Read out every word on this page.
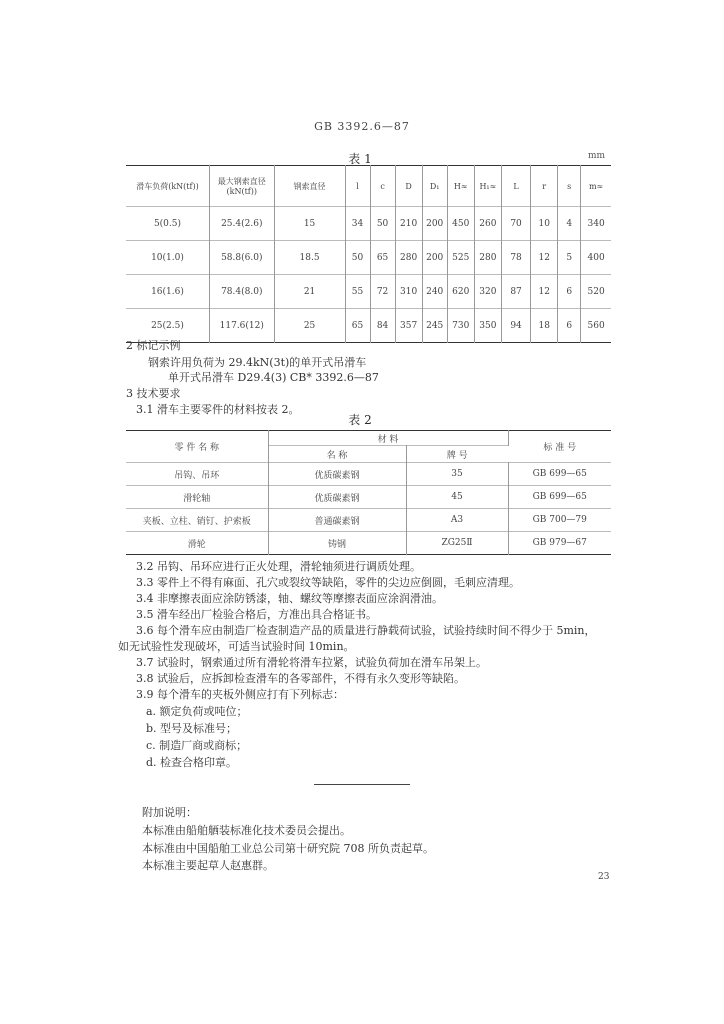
GB 3392.6—87
表 1	mm
滑车负荷(kN(tf))	最大钢索直径(kN(tf))	钢索直径	l	c	D	D₁	H≈	H₁≈	L	r	s	m≈
5(0.5)	25.4(2.6)	15	34	50	210	200	450	260	70	10	4	340
10(1.0)	58.8(6.0)	18.5	50	65	280	200	525	280	78	12	5	400
16(1.6)	78.4(8.0)	21	55	72	310	240	620	320	87	12	6	520
25(2.5)	117.6(12)	25	65	84	357	245	730	350	94	18	6	560
2 标记示例
钢索许用负荷为 29.4kN(3t)的单开式吊滑车
单开式吊滑车 D29.4(3) CB* 3392.6—87
3 技术要求
3.1 滑车主要零件的材料按表 2。
表 2
零 件 名 称	材 料		标 准 号
	名 称	牌 号	
吊钩、吊环	优质碳素钢	35	GB 699—65
滑轮轴	优质碳素钢	45	GB 699—65
夹板、立柱、销钉、护索板	普通碳素钢	A3	GB 700—79
滑轮	铸钢	ZG25Ⅱ	GB 979—67
3.2 吊钩、吊环应进行正火处理，滑轮轴须进行调质处理。
3.3 零件上不得有麻面、孔穴或裂纹等缺陷，零件的尖边应倒圆，毛刺应清理。
3.4 非摩擦表面应涂防锈漆，轴、螺纹等摩擦表面应涂润滑油。
3.5 滑车经出厂检验合格后，方准出具合格证书。
3.6 每个滑车应由制造厂检查制造产品的质量进行静载荷试验，试验持续时间不得少于 5min，
如无试验性发现破坏，可适当试验时间 10min。
3.7 试验时，钢索通过所有滑轮将滑车拉紧，试验负荷加在滑车吊架上。
3.8 试验后，应拆卸检查滑车的各零部件，不得有永久变形等缺陷。
3.9 每个滑车的夹板外侧应打有下列标志：
a. 额定负荷或吨位；
b. 型号及标准号；
c. 制造厂商或商标；
d. 检查合格印章。
附加说明：
本标准由船舶舾装标准化技术委员会提出。
本标准由中国船舶工业总公司第十研究院 708 所负责起草。
本标准主要起草人赵惠群。
23
